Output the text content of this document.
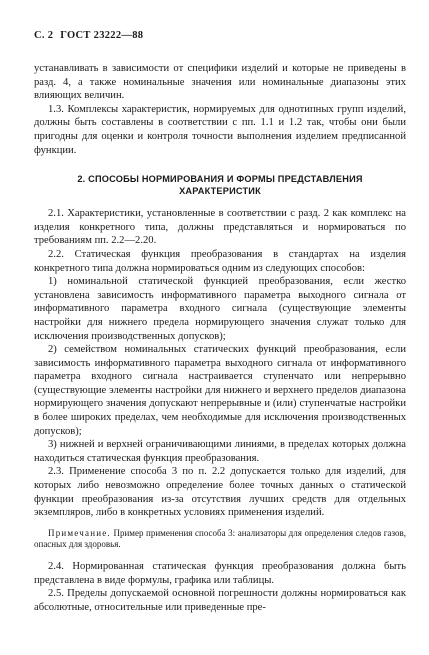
С. 2 ГОСТ 23222—88

устанавливать в зависимости от специфики изделий и которые не приведены в разд. 4, а также номинальные значения или номинальные диапазоны этих влияющих величин.

1.3. Комплексы характеристик, нормируемых для однотипных групп изделий, должны быть составлены в соответствии с пп. 1.1 и 1.2 так, чтобы они были пригодны для оценки и контроля точности выполнения изделием предписанной функции.

2. СПОСОБЫ НОРМИРОВАНИЯ И ФОРМЫ ПРЕДСТАВЛЕНИЯ
ХАРАКТЕРИСТИК

2.1. Характеристики, установленные в соответствии с разд. 2 как комплекс на изделия конкретного типа, должны представляться и нормироваться по требованиям пп. 2.2—2.20.

2.2. Статическая функция преобразования в стандартах на изделия конкретного типа должна нормироваться одним из следующих способов:

1) номинальной статической функцией преобразования, если жестко установлена зависимость информативного параметра выходного сигнала от информативного параметра входного сигнала (существующие элементы настройки для нижнего предела нормирующего значения служат только для исключения производственных допусков);

2) семейством номинальных статических функций преобразования, если зависимость информативного параметра выходного сигнала от информативного параметра входного сигнала настраивается ступенчато или непрерывно (существующие элементы настройки для нижнего и верхнего пределов диапазона нормирующего значения допускают непрерывные и (или) ступенчатые настройки в более широких пределах, чем необходимые для исключения производственных допусков);

3) нижней и верхней ограничивающими линиями, в пределах которых должна находиться статическая функция преобразования.

2.3. Применение способа 3 по п. 2.2 допускается только для изделий, для которых либо невозможно определение более точных данных о статической функции преобразования из-за отсутствия лучших средств для отдельных экземпляров, либо в конкретных условиях применения изделий.

Примечание. Пример применения способа 3: анализаторы для определения следов газов, опасных для здоровья.

2.4. Нормированная статическая функция преобразования должна быть представлена в виде формулы, графика или таблицы.

2.5. Пределы допускаемой основной погрешности должны нормироваться как абсолютные, относительные или приведенные пре-
